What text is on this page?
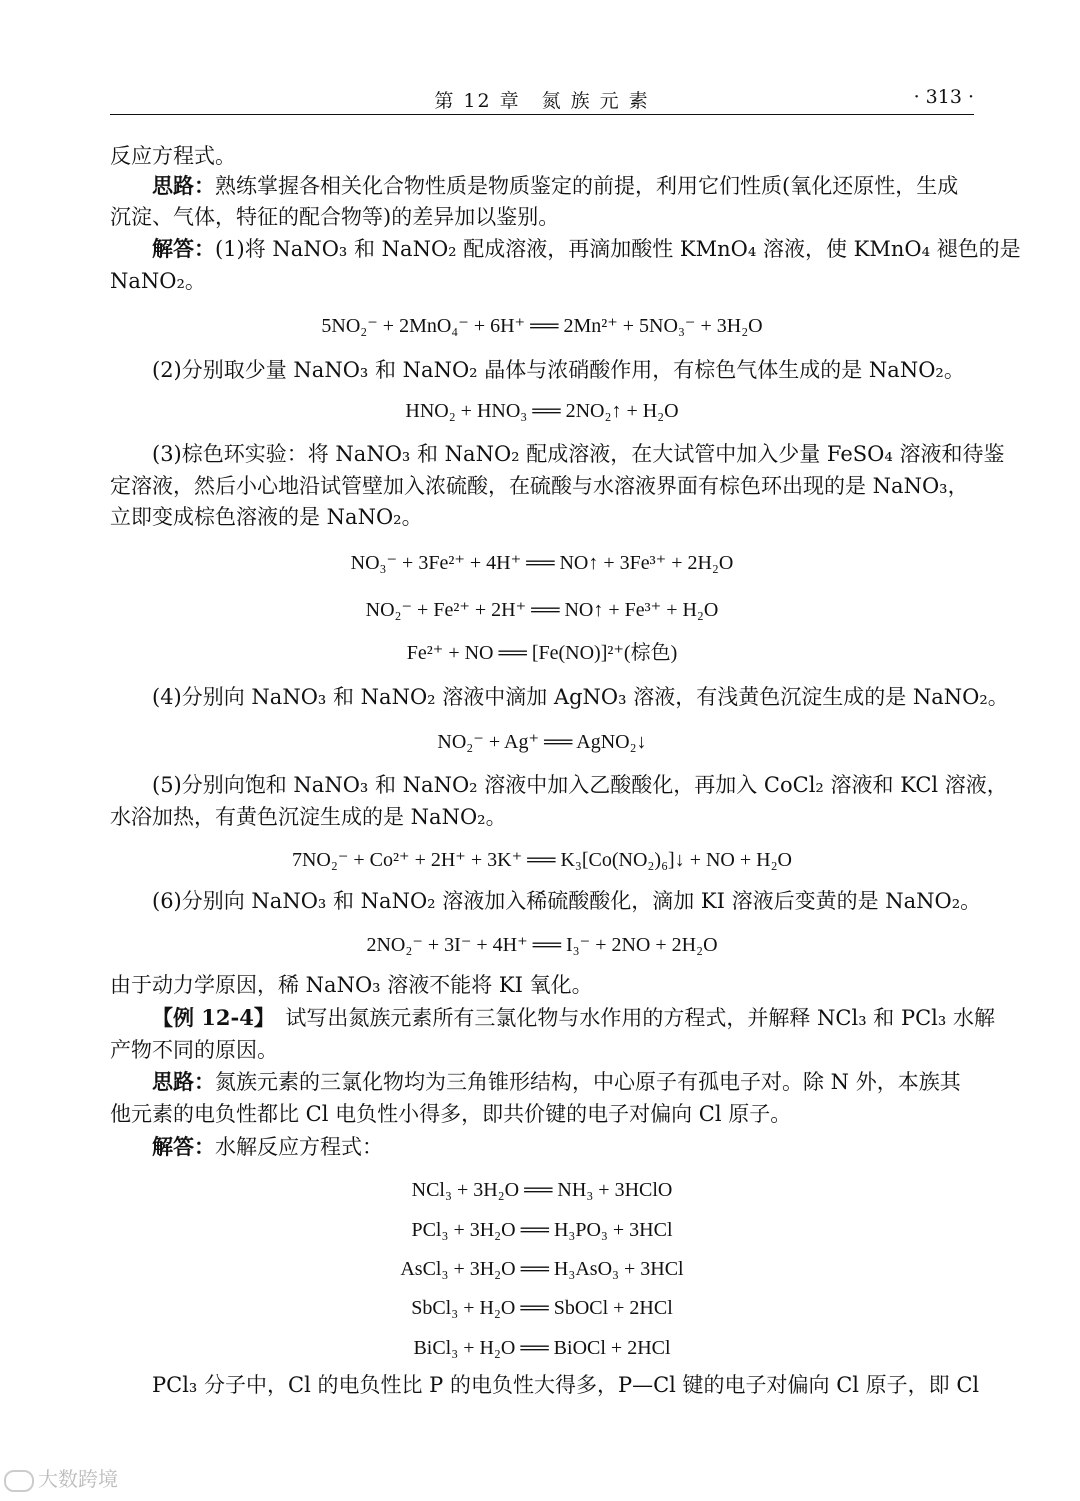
第 12 章　氮 族 元 素	· 313 ·
反应方程式。
思路：熟练掌握各相关化合物性质是物质鉴定的前提，利用它们性质(氧化还原性，生成
沉淀、气体，特征的配合物等)的差异加以鉴别。
解答：(1)将 NaNO₃ 和 NaNO₂ 配成溶液，再滴加酸性 KMnO₄ 溶液，使 KMnO₄ 褪色的是
NaNO₂。
(2)分别取少量 NaNO₃ 和 NaNO₂ 晶体与浓硝酸作用，有棕色气体生成的是 NaNO₂。
(3)棕色环实验：将 NaNO₃ 和 NaNO₂ 配成溶液，在大试管中加入少量 FeSO₄ 溶液和待鉴
定溶液，然后小心地沿试管壁加入浓硫酸，在硫酸与水溶液界面有棕色环出现的是 NaNO₃，
立即变成棕色溶液的是 NaNO₂。
(4)分别向 NaNO₃ 和 NaNO₂ 溶液中滴加 AgNO₃ 溶液，有浅黄色沉淀生成的是 NaNO₂。
(5)分别向饱和 NaNO₃ 和 NaNO₂ 溶液中加入乙酸酸化，再加入 CoCl₂ 溶液和 KCl 溶液，
水浴加热，有黄色沉淀生成的是 NaNO₂。
(6)分别向 NaNO₃ 和 NaNO₂ 溶液加入稀硫酸酸化，滴加 KI 溶液后变黄的是 NaNO₂。
由于动力学原因，稀 NaNO₃ 溶液不能将 KI 氧化。
【例 12-4】　试写出氮族元素所有三氯化物与水作用的方程式，并解释 NCl₃ 和 PCl₃ 水解
产物不同的原因。
思路：氮族元素的三氯化物均为三角锥形结构，中心原子有孤电子对。除 N 外，本族其
他元素的电负性都比 Cl 电负性小得多，即共价键的电子对偏向 Cl 原子。
解答：水解反应方程式：
PCl₃ 分子中，Cl 的电负性比 P 的电负性大得多，P—Cl 键的电子对偏向 Cl 原子，即 Cl
5NO₂⁻ + 2MnO₄⁻ + 6H⁺ ══ 2Mn²⁺ + 5NO₃⁻ + 3H₂O
HNO₂ + HNO₃ ══ 2NO₂↑ + H₂O
NO₃⁻ + 3Fe²⁺ + 4H⁺ ══ NO↑ + 3Fe³⁺ + 2H₂O
NO₂⁻ + Fe²⁺ + 2H⁺ ══ NO↑ + Fe³⁺ + H₂O
Fe²⁺ + NO ══ [Fe(NO)]²⁺(棕色)
NO₂⁻ + Ag⁺ ══ AgNO₂↓
7NO₂⁻ + Co²⁺ + 2H⁺ + 3K⁺ ══ K₃[Co(NO₂)₆]↓ + NO + H₂O
2NO₂⁻ + 3I⁻ + 4H⁺ ══ I₃⁻ + 2NO + 2H₂O
NCl₃ + 3H₂O ══ NH₃ + 3HClO
PCl₃ + 3H₂O ══ H₃PO₃ + 3HCl
AsCl₃ + 3H₂O ══ H₃AsO₃ + 3HCl
SbCl₃ + H₂O ══ SbOCl + 2HCl
BiCl₃ + H₂O ══ BiOCl + 2HCl
大数跨境
